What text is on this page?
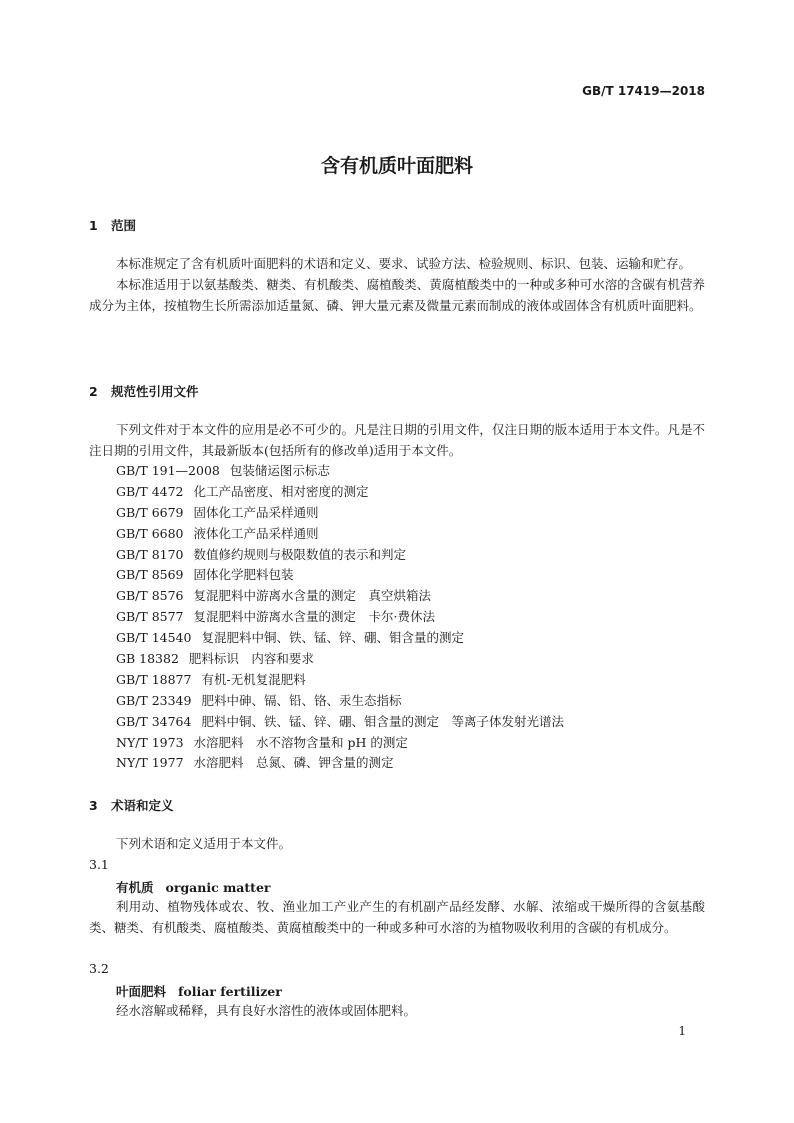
GB/T 17419—2018
含有机质叶面肥料
1 范围

本标准规定了含有机质叶面肥料的术语和定义、要求、试验方法、检验规则、标识、包装、运输和贮存。

本标准适用于以氨基酸类、糖类、有机酸类、腐植酸类、黄腐植酸类中的一种或多种可水溶的含碳有机营养成分为主体，按植物生长所需添加适量氮、磷、钾大量元素及微量元素而制成的液体或固体含有机质叶面肥料。

2 规范性引用文件

下列文件对于本文件的应用是必不可少的。凡是注日期的引用文件，仅注日期的版本适用于本文件。凡是不注日期的引用文件，其最新版本(包括所有的修改单)适用于本文件。

GB/T 191—2008 包装储运图示标志
GB/T 4472 化工产品密度、相对密度的测定
GB/T 6679 固体化工产品采样通则
GB/T 6680 液体化工产品采样通则
GB/T 8170 数值修约规则与极限数值的表示和判定
GB/T 8569 固体化学肥料包装
GB/T 8576 复混肥料中游离水含量的测定　真空烘箱法
GB/T 8577 复混肥料中游离水含量的测定　卡尔·费休法
GB/T 14540 复混肥料中铜、铁、锰、锌、硼、钼含量的测定
GB 18382 肥料标识　内容和要求
GB/T 18877 有机-无机复混肥料
GB/T 23349 肥料中砷、镉、铅、铬、汞生态指标
GB/T 34764 肥料中铜、铁、锰、锌、硼、钼含量的测定　等离子体发射光谱法
NY/T 1973 水溶肥料　水不溶物含量和 pH 的测定
NY/T 1977 水溶肥料　总氮、磷、钾含量的测定
3 术语和定义

下列术语和定义适用于本文件。

3.1
有机质 organic matter

利用动、植物残体或农、牧、渔业加工产业产生的有机副产品经发酵、水解、浓缩或干燥所得的含氨基酸类、糖类、有机酸类、腐植酸类、黄腐植酸类中的一种或多种可水溶的为植物吸收利用的含碳的有机成分。

3.2
叶面肥料 foliar fertilizer

经水溶解或稀释，具有良好水溶性的液体或固体肥料。

1
